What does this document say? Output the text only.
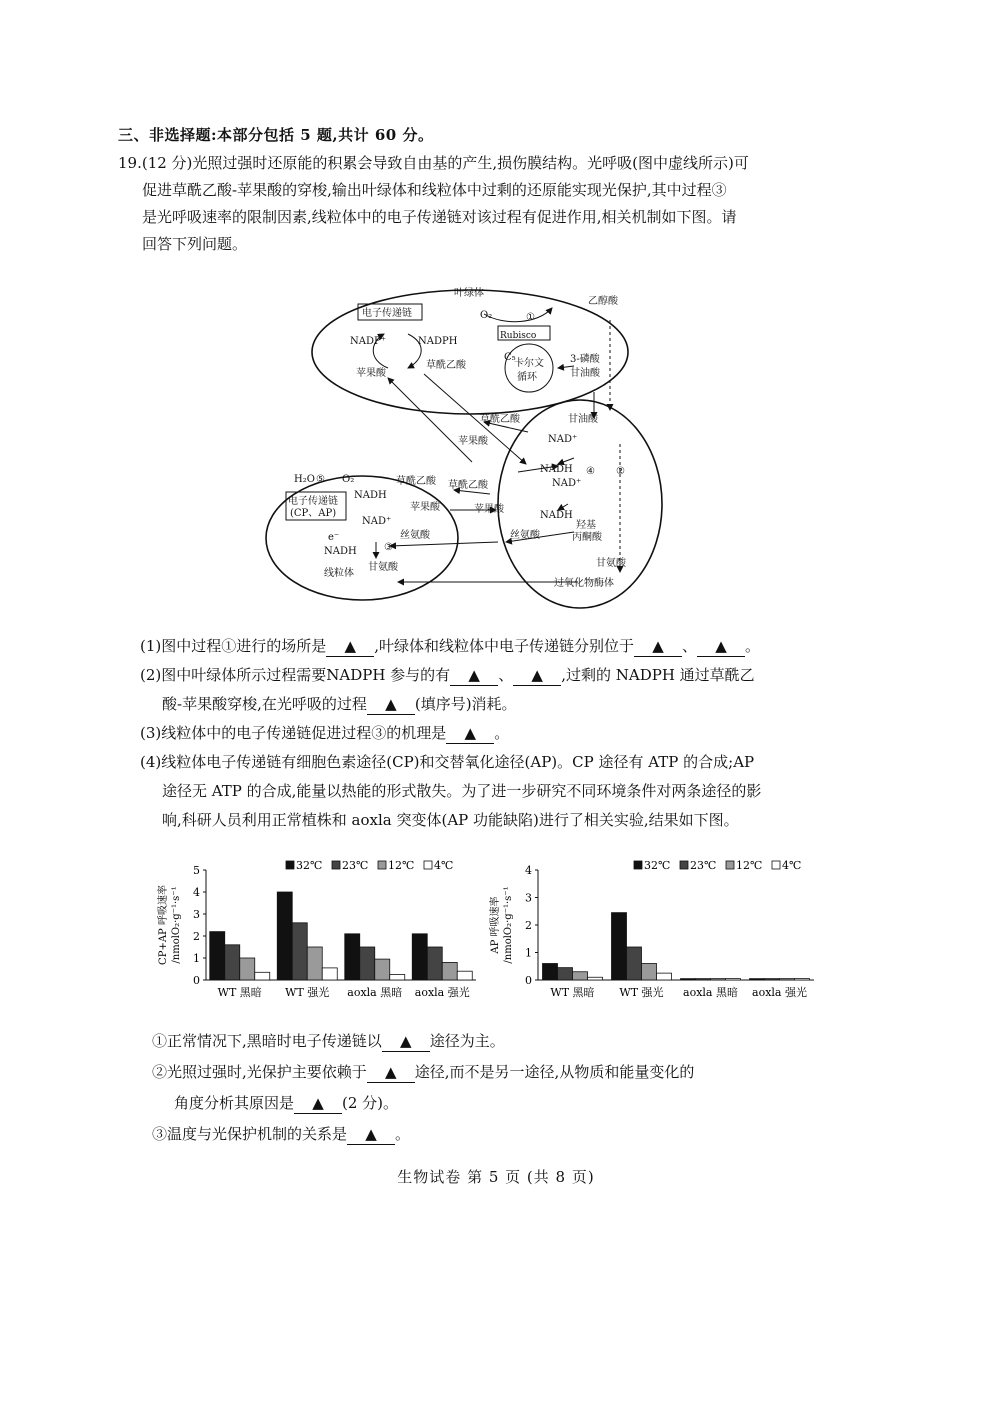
三、非选择题:本部分包括 5 题,共计 60 分。
19.(12 分)光照过强时还原能的积累会导致自由基的产生,损伤膜结构。光呼吸(图中虚线所示)可
促进草酰乙酸-苹果酸的穿梭,输出叶绿体和线粒体中过剩的还原能实现光保护,其中过程③
是光呼吸速率的限制因素,线粒体中的电子传递链对该过程有促进作用,相关机制如下图。请
回答下列问题。
叶绿体
电子传递链
NADP⁺	NADPH
O₂
Rubisco
C₅
卡尔文
循环
3-磷酸
甘油酸
乙醇酸
草酰乙酸
苹果酸
草酰乙酸
苹果酸
甘油酸
NAD⁺
NADH
NAD⁺
NADH
草酰乙酸
苹果酸
草酰乙酸
苹果酸
NADH
NAD⁺
H₂O	O₂
电子传递链
(CP、AP)
丝氨酸	丝氨酸
羟基
丙酮酸
e⁻
NADH
甘氨酸	甘氨酸
线粒体
过氧化物酶体
①
②
③
④
⑤
(1)图中过程①进行的场所是 ▲ ,叶绿体和线粒体中电子传递链分别位于 ▲ 、 ▲ 。
(2)图中叶绿体所示过程需要NADPH 参与的有 ▲ 、 ▲ ,过剩的 NADPH 通过草酰乙
酸-苹果酸穿梭,在光呼吸的过程 ▲ (填序号)消耗。
(3)线粒体中的电子传递链促进过程③的机理是 ▲ 。
(4)线粒体电子传递链有细胞色素途径(CP)和交替氧化途径(AP)。CP 途径有 ATP 的合成;AP
途径无 ATP 的合成,能量以热能的形式散失。为了进一步研究不同环境条件对两条途径的影
响,科研人员利用正常植株和 aoxla 突变体(AP 功能缺陷)进行了相关实验,结果如下图。
0
1
2
3
4
5
CP+AP 呼吸速率 /nmolO₂·g⁻¹·s⁻¹
WT 黑暗 WT 强光 aoxla 黑暗 aoxla 强光
32℃ 23℃ 12℃ 4℃
0
1
2
3
4
AP 呼吸速率 /nmolO₂·g⁻¹·s⁻¹
WT 黑暗 WT 强光 aoxla 黑暗 aoxla 强光
32℃ 23℃ 12℃ 4℃
①正常情况下,黑暗时电子传递链以 ▲ 途径为主。
②光照过强时,光保护主要依赖于 ▲ 途径,而不是另一途径,从物质和能量变化的
角度分析其原因是 ▲ (2 分)。
③温度与光保护机制的关系是 ▲ 。
生物试卷 第 5 页 (共 8 页)
